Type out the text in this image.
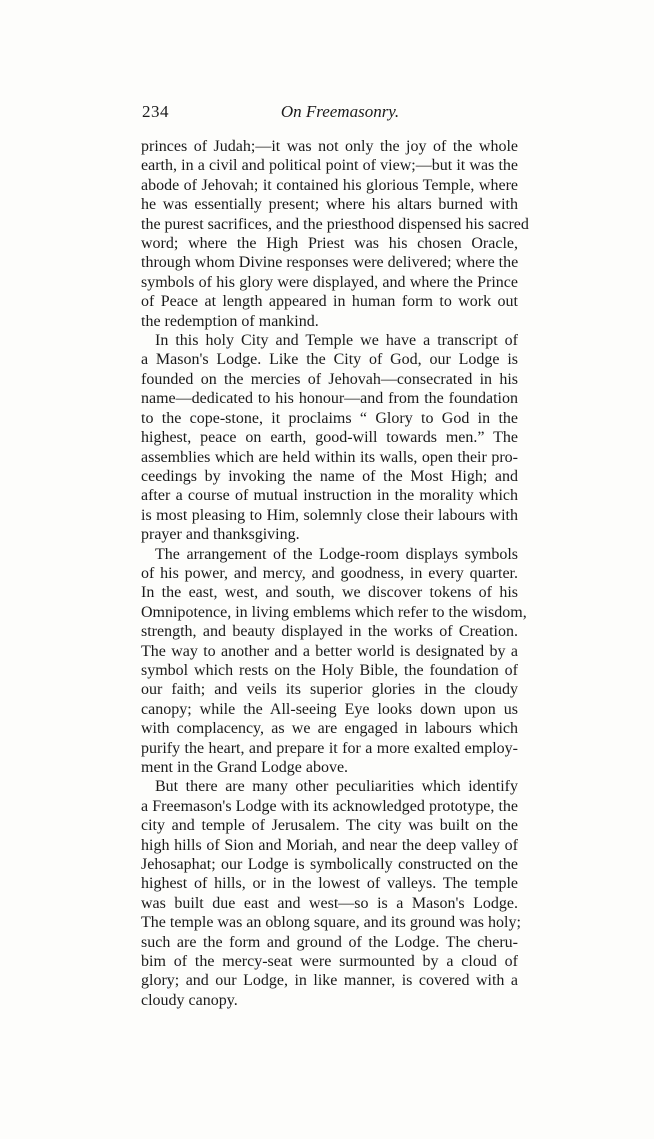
234	On Freemasonry.
princes of Judah;—it was not only the joy of the whole
earth, in a civil and political point of view;—but it was the
abode of Jehovah; it contained his glorious Temple, where
he was essentially present; where his altars burned with
the purest sacrifices, and the priesthood dispensed his sacred
word; where the High Priest was his chosen Oracle,
through whom Divine responses were delivered; where the
symbols of his glory were displayed, and where the Prince
of Peace at length appeared in human form to work out
the redemption of mankind.
In this holy City and Temple we have a transcript of
a Mason's Lodge. Like the City of God, our Lodge is
founded on the mercies of Jehovah—consecrated in his
name—dedicated to his honour—and from the foundation
to the cope-stone, it proclaims “ Glory to God in the
highest, peace on earth, good-will towards men.” The
assemblies which are held within its walls, open their pro-
ceedings by invoking the name of the Most High; and
after a course of mutual instruction in the morality which
is most pleasing to Him, solemnly close their labours with
prayer and thanksgiving.
The arrangement of the Lodge-room displays symbols
of his power, and mercy, and goodness, in every quarter.
In the east, west, and south, we discover tokens of his
Omnipotence, in living emblems which refer to the wisdom,
strength, and beauty displayed in the works of Creation.
The way to another and a better world is designated by a
symbol which rests on the Holy Bible, the foundation of
our faith; and veils its superior glories in the cloudy
canopy; while the All-seeing Eye looks down upon us
with complacency, as we are engaged in labours which
purify the heart, and prepare it for a more exalted employ-
ment in the Grand Lodge above.
But there are many other peculiarities which identify
a Freemason's Lodge with its acknowledged prototype, the
city and temple of Jerusalem. The city was built on the
high hills of Sion and Moriah, and near the deep valley of
Jehosaphat; our Lodge is symbolically constructed on the
highest of hills, or in the lowest of valleys. The temple
was built due east and west—so is a Mason's Lodge.
The temple was an oblong square, and its ground was holy;
such are the form and ground of the Lodge. The cheru-
bim of the mercy-seat were surmounted by a cloud of
glory; and our Lodge, in like manner, is covered with a
cloudy canopy.
